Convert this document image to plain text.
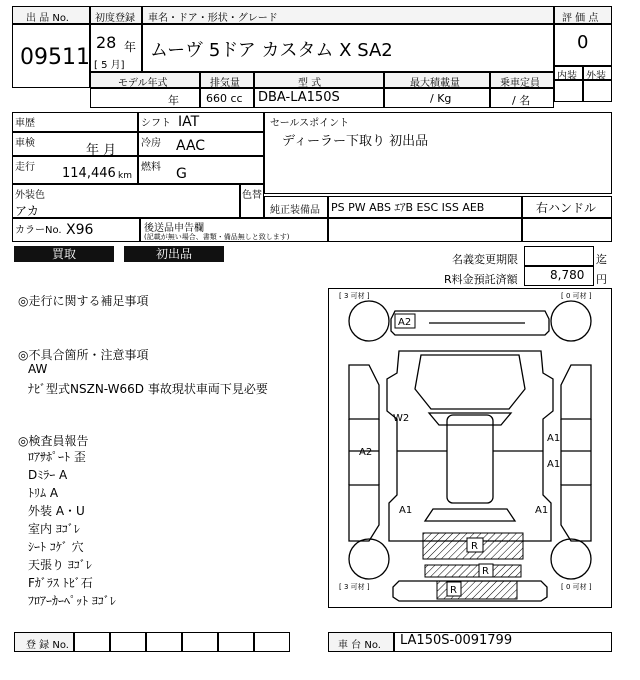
出 品 No.
09511
初度登録
28 年
[ 5 月]
車名・ドア・形状・グレード
ムーヴ 5ドア カスタム X SA2
評 価 点
0
内装 外装
モデル年式
年
排気量
660 cc
型 式
DBA-LA150S
最大積載量
/ Kg
乗車定員
/ 名
車歴	シフト IAT
車検	年 月 冷房 AAC
走行 114,446 km
燃料 G
外装色
アカ
色替
カラーNo. X96	後送品申告欄
(記載が無い場合、書類・備品無しと致します)
セールスポイント
ディーラー下取り 初出品
純正装備品 PS PW ABS ｴｱB ESC ISS AEB	右ハンドル
買取	初出品	名義変更期限	迄
R料金預託済額	8,780 円
◎走行に関する補足事項
◎不具合箇所・注意事項
AW
ﾅﾋﾞ型式NSZN-W66D 事故現状車両下見必要
◎検査員報告
ﾛｱｻﾎﾟｰﾄ 歪
Dﾐﾗｰ A
ﾄﾘﾑ A
外装 A・U
室内 ﾖｺﾞﾚ
ｼｰﾄ ｺｹﾞ 穴
天張り ﾖｺﾞﾚ
Fｶﾞﾗｽ ﾄﾋﾞ石
ﾌﾛｱｰｶｰﾍﾟｯﾄ ﾖｺﾞﾚ
[ 3 可材 ]	[ 0 可材 ]
[ 3 可材 ]	[ 0 可材 ]
A2
W2
A2
A1
A1
A1	A1
R
R
R
登 録 No.	車 台 No. LA150S-0091799
